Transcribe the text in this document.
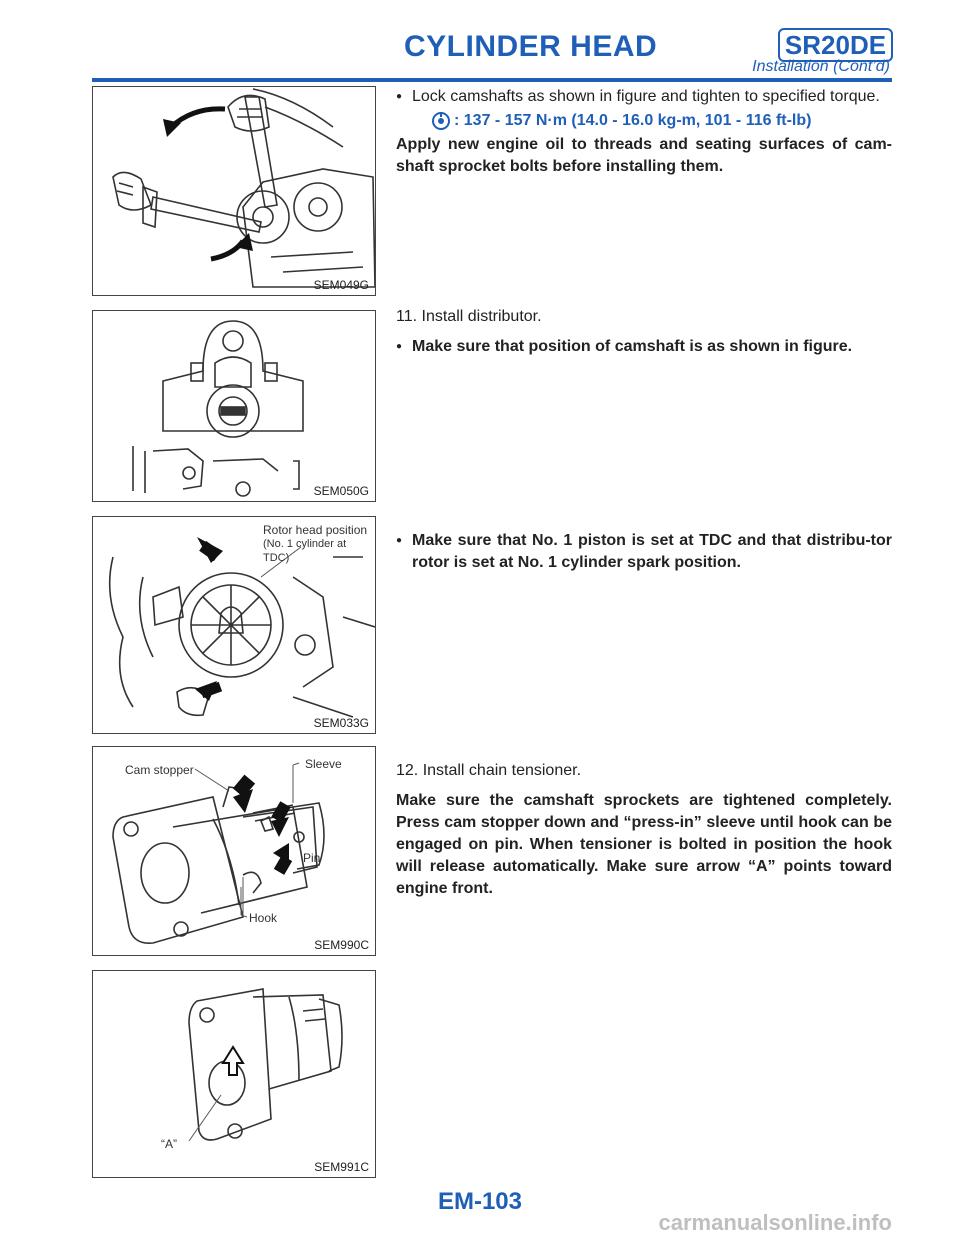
CYLINDER HEAD	SR20DE
Installation (Cont’d)
SEM049G
SEM050G
Rotor head position
(No. 1 cylinder at TDC)
SEM033G
Cam stopper	Sleeve
Pin
Hook
SEM990C
“A”
SEM991C
● Lock camshafts as shown in figure and tighten to specified torque.
: 137 - 157 N·m (14.0 - 16.0 kg-m, 101 - 116 ft-lb)
Apply new engine oil to threads and seating surfaces of cam-shaft sprocket bolts before installing them.
11. Install distributor.
● Make sure that position of camshaft is as shown in figure.
● Make sure that No. 1 piston is set at TDC and that distribu-tor rotor is set at No. 1 cylinder spark position.
12. Install chain tensioner.
Make sure the camshaft sprockets are tightened completely. Press cam stopper down and “press-in” sleeve until hook can be engaged on pin. When tensioner is bolted in position the hook will release automatically. Make sure arrow “A” points toward engine front.
EM-103
carmanualsonline.info
